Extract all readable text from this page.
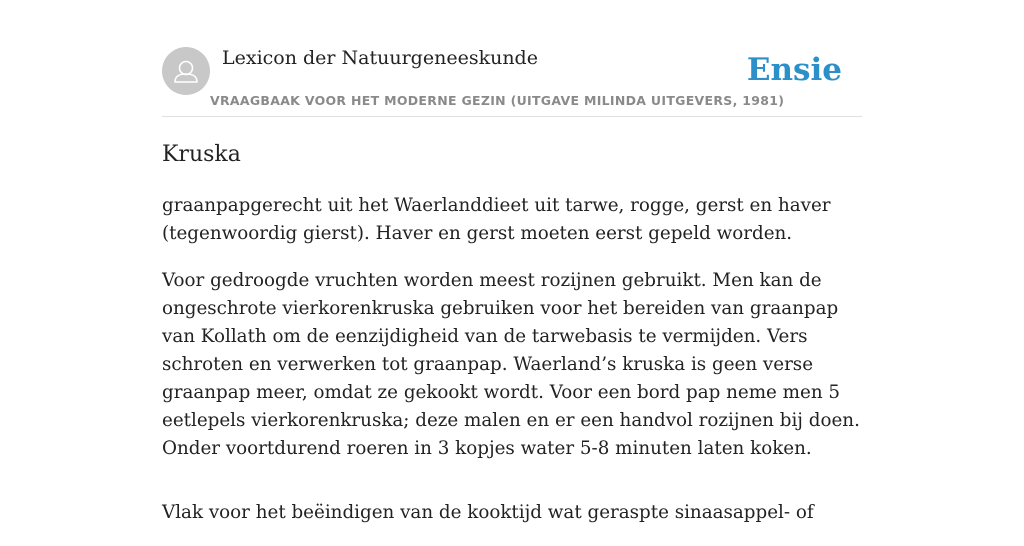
Lexicon der Natuurgeneeskunde
VRAAGBAAK VOOR HET MODERNE GEZIN (UITGAVE MILINDA UITGEVERS, 1981)
Ensie
Kruska

graanpapgerecht uit het Waerlanddieet uit tarwe, rogge, gerst en haver (tegenwoordig gierst). Haver en gerst moeten eerst gepeld worden.

Voor gedroogde vruchten worden meest rozijnen gebruikt. Men kan de ongeschrote vierkorenkruska gebruiken voor het bereiden van graanpap van Kollath om de eenzijdigheid van de tarwebasis te vermijden. Vers schroten en verwerken tot graanpap. Waerland’s kruska is geen verse graanpap meer, omdat ze gekookt wordt. Voor een bord pap neme men 5 eetlepels vierkorenkruska; deze malen en er een handvol rozijnen bij doen. Onder voortdurend roeren in 3 kopjes water 5-8 minuten laten koken.

Vlak voor het beëindigen van de kooktijd wat geraspte sinaasappel- of
